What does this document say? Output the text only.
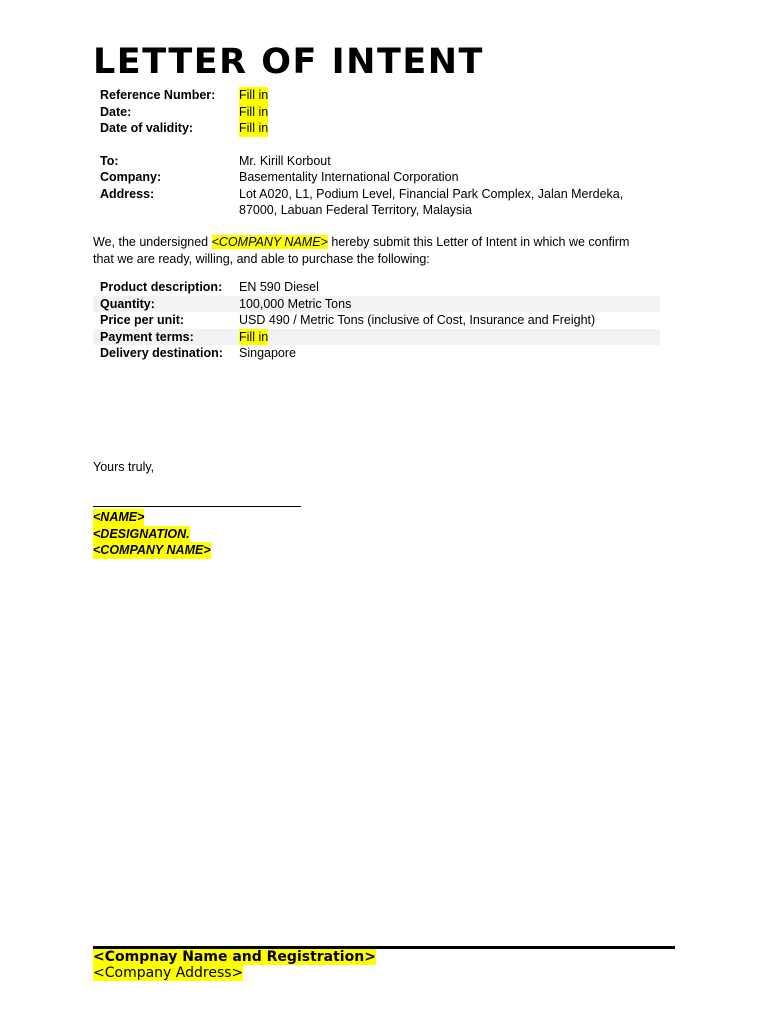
LETTER OF INTENT
Reference Number: Fill in
Date:	Fill in
Date of validity:	Fill in
To:	Mr. Kirill Korbout
Company:	Basementality International Corporation
Address:	Lot A020, L1, Podium Level, Financial Park Complex, Jalan Merdeka,
87000, Labuan Federal Territory, Malaysia

We, the undersigned <COMPANY NAME> hereby submit this Letter of Intent in which we confirm
that we are ready, willing, and able to purchase the following:

Product description: EN 590 Diesel
Quantity:	100,000 Metric Tons
Price per unit:	USD 490 / Metric Tons (inclusive of Cost, Insurance and Freight)
Payment terms:	Fill in
Delivery destination: Singapore

Yours truly,

<NAME>
<DESIGNATION.
<COMPANY NAME>
<Compnay Name and Registration>
<Company Address>
